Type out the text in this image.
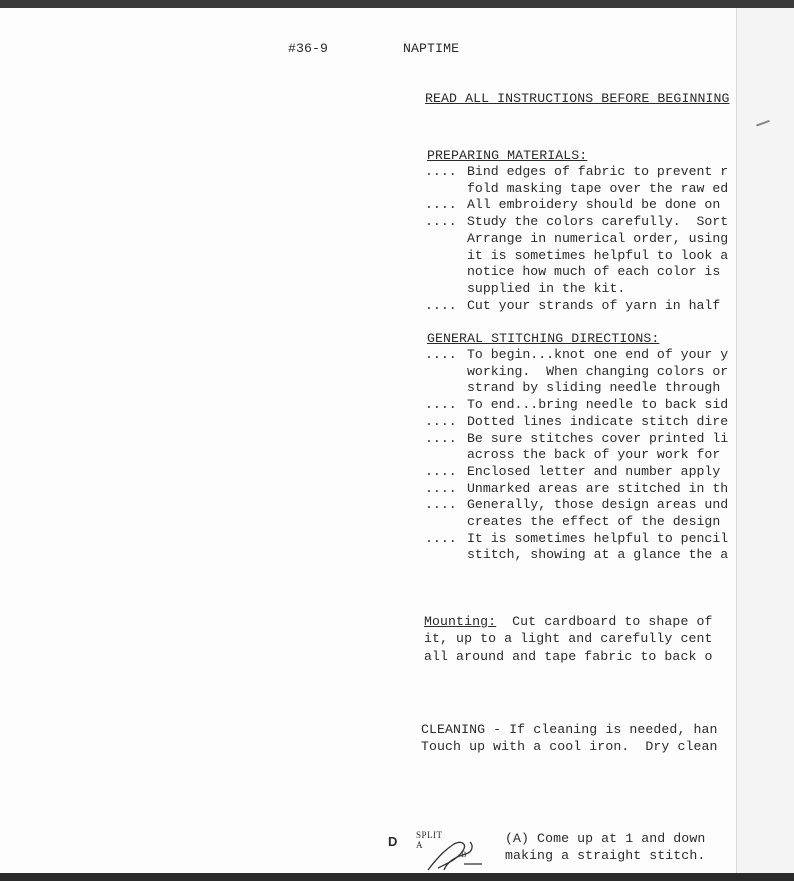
#36-9	NAPTIME
READ ALL INSTRUCTIONS BEFORE BEGINNING
PREPARING MATERIALS:
.... Bind edges of fabric to prevent r
fold masking tape over the raw ed
.... All embroidery should be done on
.... Study the colors carefully.  Sort
Arrange in numerical order, using
it is sometimes helpful to look a
notice how much of each color is
supplied in the kit.
.... Cut your strands of yarn in half
GENERAL STITCHING DIRECTIONS:
.... To begin...knot one end of your y
working.  When changing colors or
strand by sliding needle through
.... To end...bring needle to back sid
.... Dotted lines indicate stitch dire
.... Be sure stitches cover printed li
across the back of your work for
.... Enclosed letter and number apply
.... Unmarked areas are stitched in th
.... Generally, those design areas und
creates the effect of the design
.... It is sometimes helpful to pencil
stitch, showing at a glance the a
Mounting:  Cut cardboard to shape of
it, up to a light and carefully cent
all around and tape fabric to back o
CLEANING - If cleaning is needed, han
Touch up with a cool iron.  Dry clean
D SPLIT A
B
(A) Come up at 1 and down
making a straight stitch.
